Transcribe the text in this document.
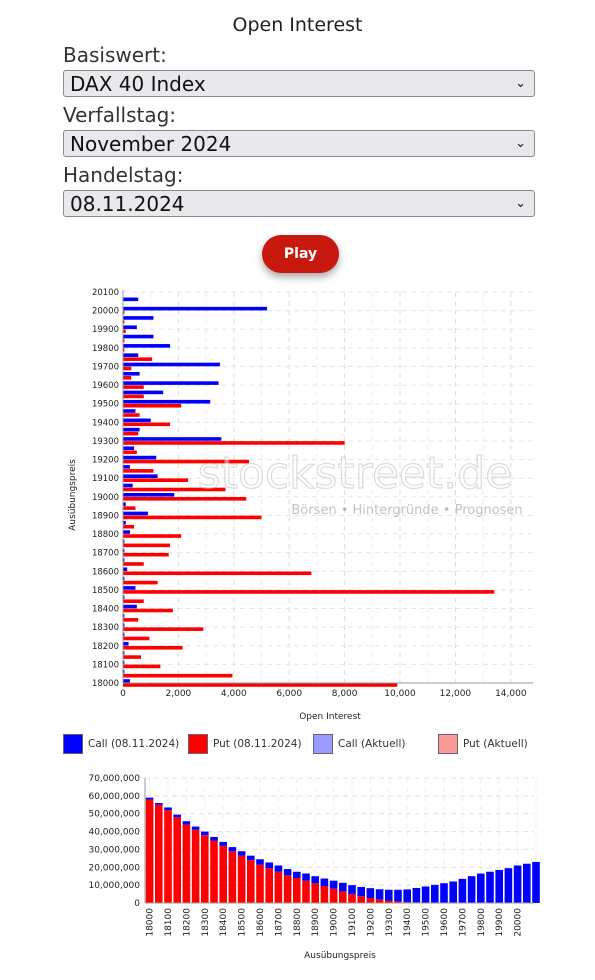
Open Interest
Basiswert:
DAX 40 Index	⌄
Verfallstag:
November 2024	⌄
Handelstag:
08.11.2024	⌄
Play
20100
20000
19900
19800
19700
19600
19500
19400
19300
19200
19100
19000
18900
18800
18700
18600
18500
18400
18300
18200
18100
18000
0	2,000	4,000	6,000	8,000	10,000	12,000	14,000
Open Interest
Ausübungspreis	stockstreet.de
Börsen • Hintergründe • Prognosen
Call (08.11.2024)	Put (08.11.2024)	Call (Aktuell)	Put (Aktuell)
0
10,000,000
20,000,000
30,000,000
40,000,000
50,000,000
60,000,000
70,000,000
18000 18100 18200 18300 18400 18500 18600 18700 18800 18900 19000 19100 19200 19300 19400 19500 19600 19700 19800 19900 20000
Ausübungspreis
